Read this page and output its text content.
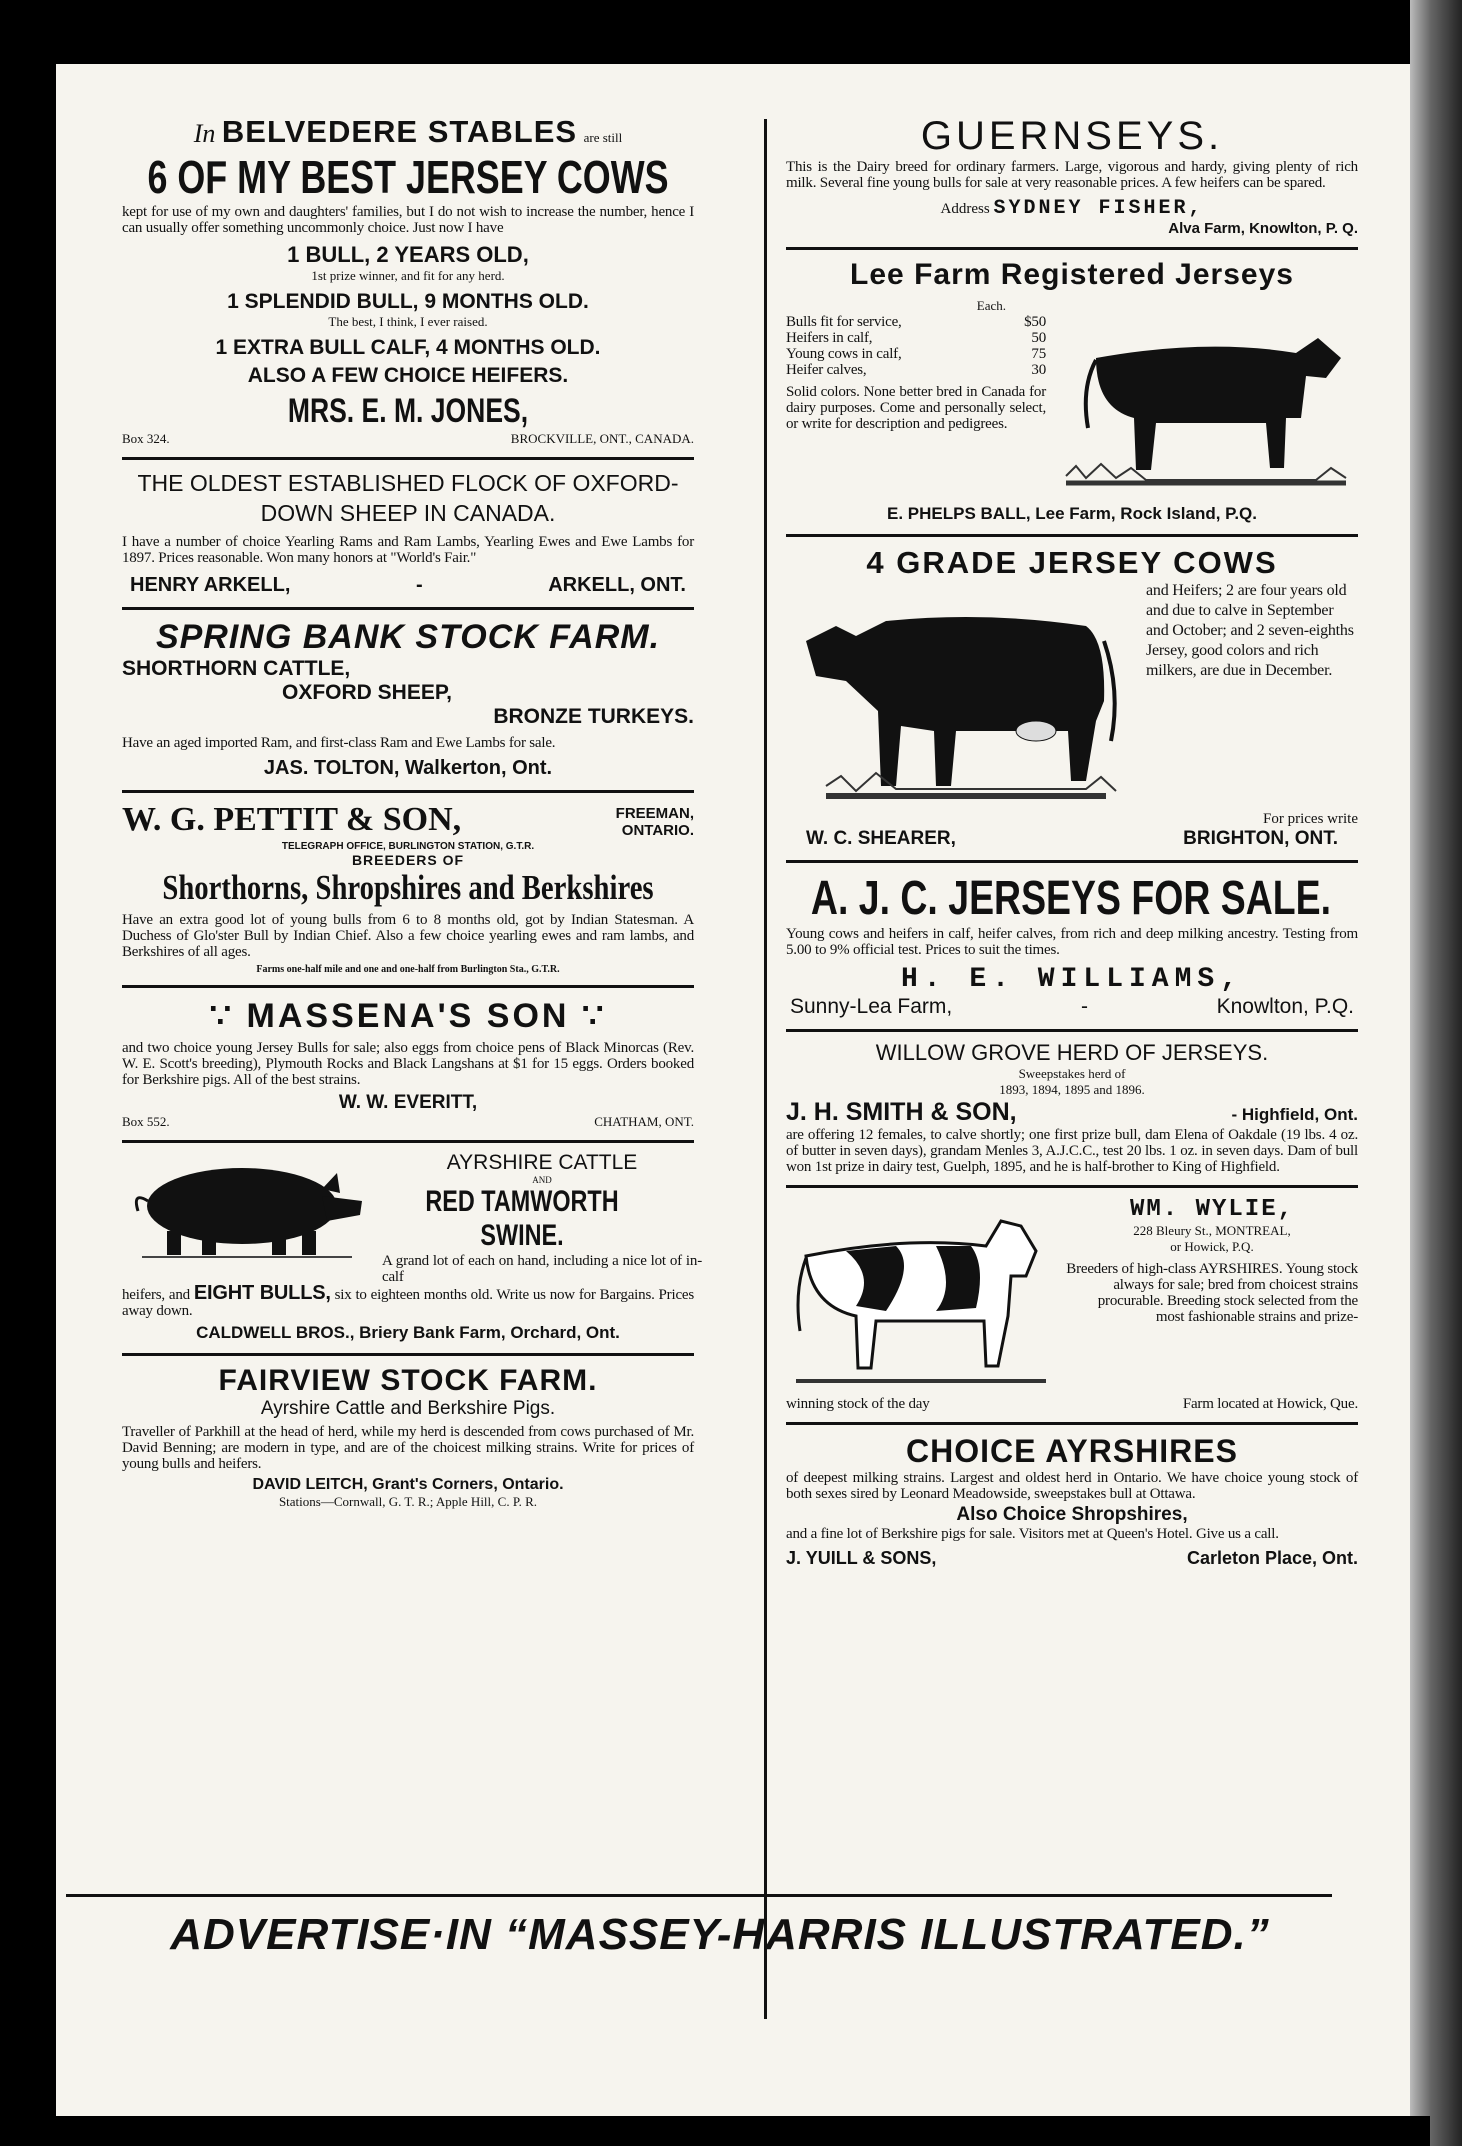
In BELVEDERE STABLES are still
6 OF MY BEST JERSEY COWS
kept for use of my own and daughters' families, but I do not wish to increase the number, hence I can usually offer something uncommonly choice. Just now I have
1 BULL, 2 YEARS OLD,
1st prize winner, and fit for any herd.
1 SPLENDID BULL, 9 MONTHS OLD.
The best, I think, I ever raised.
1 EXTRA BULL CALF, 4 MONTHS OLD.
ALSO A FEW CHOICE HEIFERS.
MRS. E. M. JONES,
Box 324.	BROCKVILLE, ONT., CANADA.
THE OLDEST ESTABLISHED FLOCK OF OXFORD-DOWN SHEEP IN CANADA.
I have a number of choice Yearling Rams and Ram Lambs, Yearling Ewes and Ewe Lambs for 1897. Prices reasonable. Won many honors at "World's Fair."
HENRY ARKELL,	-	ARKELL, ONT.
SPRING BANK STOCK FARM.
SHORTHORN CATTLE,
OXFORD SHEEP,
BRONZE TURKEYS.
Have an aged imported Ram, and first-class Ram and Ewe Lambs for sale.
JAS. TOLTON, Walkerton, Ont.
W. G. PETTIT & SON,	FREEMAN,
ONTARIO.
TELEGRAPH OFFICE, BURLINGTON STATION, G.T.R.
BREEDERS OF
Shorthorns, Shropshires and Berkshires
Have an extra good lot of young bulls from 6 to 8 months old, got by Indian Statesman. A Duchess of Glo'ster Bull by Indian Chief. Also a few choice yearling ewes and ram lambs, and Berkshires of all ages.
Farms one-half mile and one and one-half from Burlington Sta., G.T.R.
∵ MASSENA'S SON ∵
and two choice young Jersey Bulls for sale; also eggs from choice pens of Black Minorcas (Rev. W. E. Scott's breeding), Plymouth Rocks and Black Langshans at $1 for 15 eggs. Orders booked for Berkshire pigs. All of the best strains.
W. W. EVERITT,
Box 552.	CHATHAM, ONT.
AYRSHIRE CATTLE
AND
RED TAMWORTH SWINE.
A grand lot of each on hand, including a nice lot of in-calf
heifers, and EIGHT BULLS, six to eighteen months old. Write us now for Bargains. Prices away down.
CALDWELL BROS., Briery Bank Farm, Orchard, Ont.
FAIRVIEW STOCK FARM.
Ayrshire Cattle and Berkshire Pigs.
Traveller of Parkhill at the head of herd, while my herd is descended from cows purchased of Mr. David Benning; are modern in type, and are of the choicest milking strains. Write for prices of young bulls and heifers.
DAVID LEITCH, Grant's Corners, Ontario.
Stations—Cornwall, G. T. R.; Apple Hill, C. P. R.
GUERNSEYS.
This is the Dairy breed for ordinary farmers. Large, vigorous and hardy, giving plenty of rich milk. Several fine young bulls for sale at very reasonable prices. A few heifers can be spared.
Address SYDNEY FISHER,
Alva Farm, Knowlton, P. Q.
Lee Farm Registered Jerseys
Each.
Bulls fit for service,	$50
Heifers in calf,	50
Young cows in calf,	75
Heifer calves,	30
Solid colors. None better bred in Canada for dairy purposes. Come and personally select, or write for description and pedigrees.
E. PHELPS BALL, Lee Farm, Rock Island, P.Q.
4 GRADE JERSEY COWS
and Heifers; 2 are four years old and due to calve in September and October; and 2 seven-eighths Jersey, good colors and rich milkers, are due in December.
For prices write
W. C. SHEARER,	BRIGHTON, ONT.
A. J. C. JERSEYS FOR SALE.
Young cows and heifers in calf, heifer calves, from rich and deep milking ancestry. Testing from 5.00 to 9% official test. Prices to suit the times.
H. E. WILLIAMS,
Sunny-Lea Farm,	-	Knowlton, P.Q.
WILLOW GROVE HERD OF JERSEYS.
Sweepstakes herd of
1893, 1894, 1895 and 1896.
J. H. SMITH & SON,	- Highfield, Ont.
are offering 12 females, to calve shortly; one first prize bull, dam Elena of Oakdale (19 lbs. 4 oz. of butter in seven days), grandam Menles 3, A.J.C.C., test 20 lbs. 1 oz. in seven days. Dam of bull won 1st prize in dairy test, Guelph, 1895, and he is half-brother to King of Highfield.
WM. WYLIE,
228 Bleury St., MONTREAL,
or Howick, P.Q.
Breeders of high-class AYRSHIRES. Young stock always for sale; bred from choicest strains procurable. Breeding stock selected from the most fashionable strains and prize-
winning stock of the day	Farm located at Howick, Que.
CHOICE AYRSHIRES
of deepest milking strains. Largest and oldest herd in Ontario. We have choice young stock of both sexes sired by Leonard Meadowside, sweepstakes bull at Ottawa.
Also Choice Shropshires,
and a fine lot of Berkshire pigs for sale. Visitors met at Queen's Hotel. Give us a call.
J. YUILL & SONS,	Carleton Place, Ont.
ADVERTISE·IN “MASSEY-HARRIS ILLUSTRATED.”
